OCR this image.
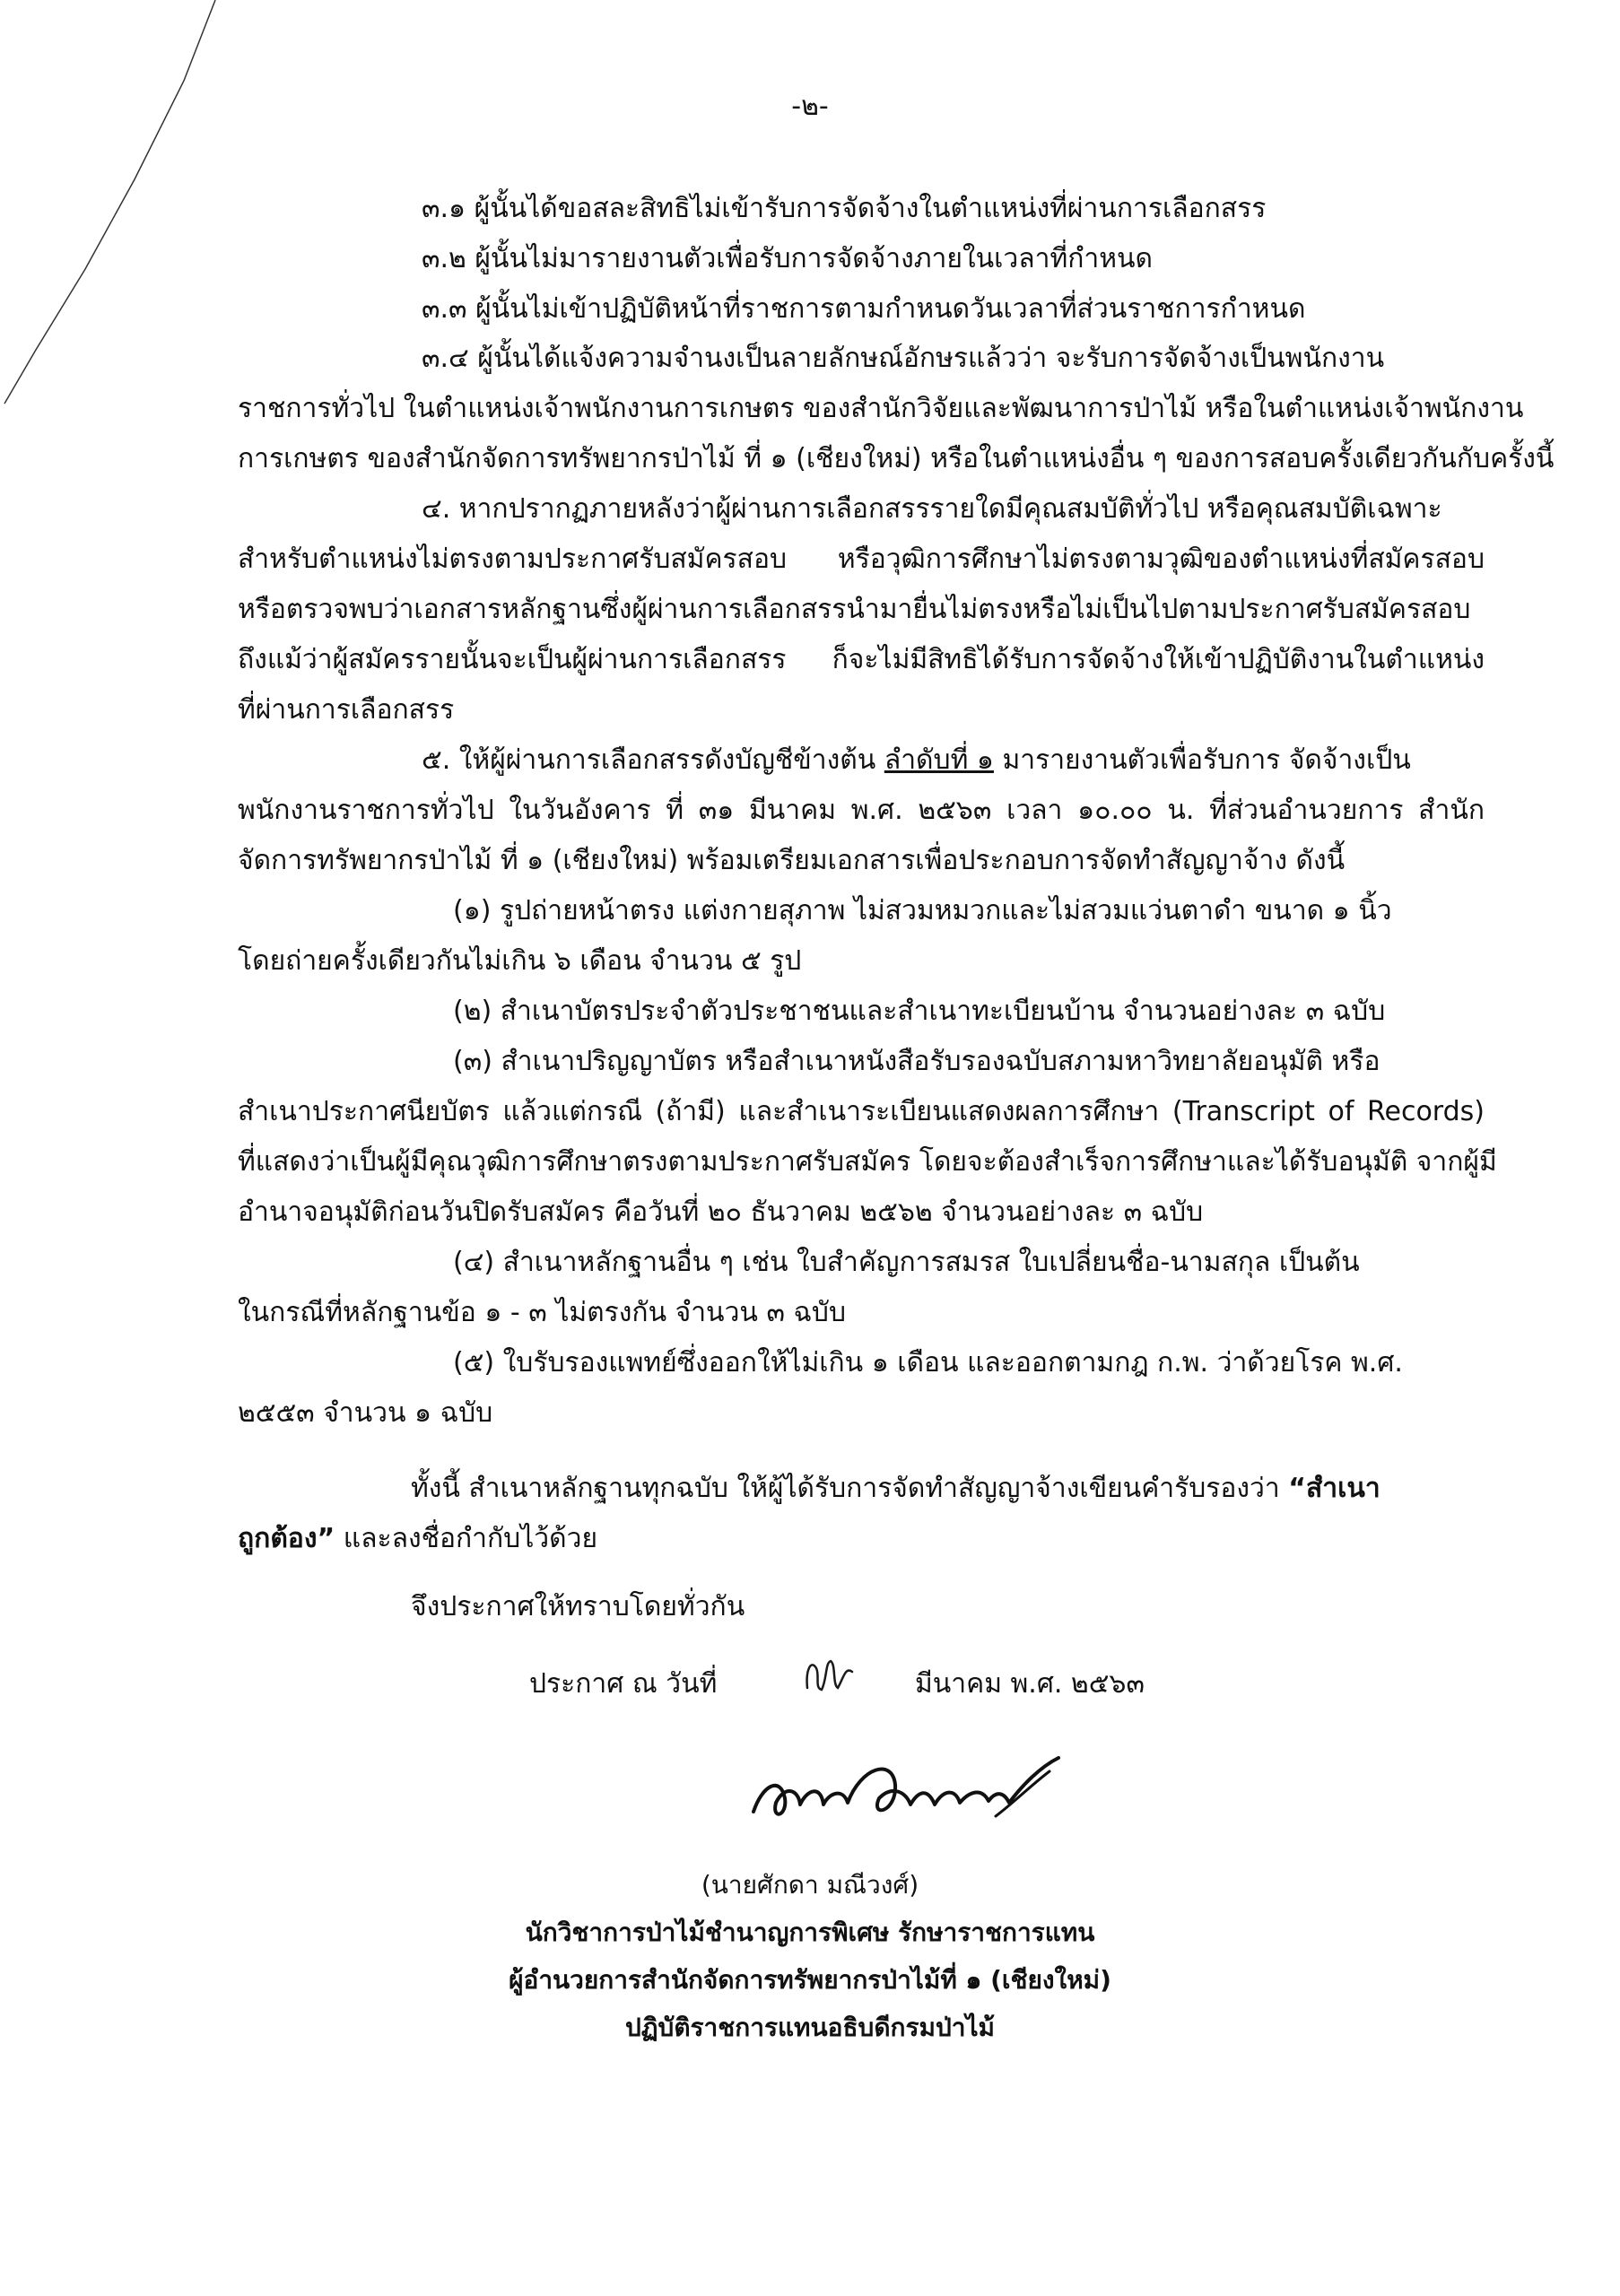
-๒-
๓.๑ ผู้นั้นได้ขอสละสิทธิไม่เข้ารับการจัดจ้างในตำแหน่งที่ผ่านการเลือกสรร
๓.๒ ผู้นั้นไม่มารายงานตัวเพื่อรับการจัดจ้างภายในเวลาที่กำหนด
๓.๓ ผู้นั้นไม่เข้าปฏิบัติหน้าที่ราชการตามกำหนดวันเวลาที่ส่วนราชการกำหนด
๓.๔ ผู้นั้นได้แจ้งความจำนงเป็นลายลักษณ์อักษรแล้วว่า จะรับการจัดจ้างเป็นพนักงาน
ราชการทั่วไป ในตำแหน่งเจ้าพนักงานการเกษตร ของสำนักวิจัยและพัฒนาการป่าไม้ หรือในตำแหน่งเจ้าพนักงาน
การเกษตร ของสำนักจัดการทรัพยากรป่าไม้ ที่ ๑ (เชียงใหม่) หรือในตำแหน่งอื่น ๆ ของการสอบครั้งเดียวกันกับครั้งนี้
๔. หากปรากฏภายหลังว่าผู้ผ่านการเลือกสรรรายใดมีคุณสมบัติทั่วไป หรือคุณสมบัติเฉพาะ
สำหรับตำแหน่งไม่ตรงตามประกาศรับสมัครสอบ หรือวุฒิการศึกษาไม่ตรงตามวุฒิของตำแหน่งที่สมัครสอบ
หรือตรวจพบว่าเอกสารหลักฐานซึ่งผู้ผ่านการเลือกสรรนำมายื่นไม่ตรงหรือไม่เป็นไปตามประกาศรับสมัครสอบ
ถึงแม้ว่าผู้สมัครรายนั้นจะเป็นผู้ผ่านการเลือกสรร ก็จะไม่มีสิทธิได้รับการจัดจ้างให้เข้าปฏิบัติงานในตำแหน่ง
ที่ผ่านการเลือกสรร
๕. ให้ผู้ผ่านการเลือกสรรดังบัญชีข้างต้น ลำดับที่ ๑ มารายงานตัวเพื่อรับการ จัดจ้างเป็น
พนักงานราชการทั่วไป ในวันอังคาร ที่ ๓๑ มีนาคม พ.ศ. ๒๕๖๓ เวลา ๑๐.๐๐ น. ที่ส่วนอำนวยการ สำนัก
จัดการทรัพยากรป่าไม้ ที่ ๑ (เชียงใหม่) พร้อมเตรียมเอกสารเพื่อประกอบการจัดทำสัญญาจ้าง ดังนี้
(๑) รูปถ่ายหน้าตรง แต่งกายสุภาพ ไม่สวมหมวกและไม่สวมแว่นตาดำ ขนาด ๑ นิ้ว
โดยถ่ายครั้งเดียวกันไม่เกิน ๖ เดือน จำนวน ๕ รูป
(๒) สำเนาบัตรประจำตัวประชาชนและสำเนาทะเบียนบ้าน จำนวนอย่างละ ๓ ฉบับ
(๓) สำเนาปริญญาบัตร หรือสำเนาหนังสือรับรองฉบับสภามหาวิทยาลัยอนุมัติ หรือ
สำเนาประกาศนียบัตร แล้วแต่กรณี (ถ้ามี) และสำเนาระเบียนแสดงผลการศึกษา (Transcript of Records)
ที่แสดงว่าเป็นผู้มีคุณวุฒิการศึกษาตรงตามประกาศรับสมัคร โดยจะต้องสำเร็จการศึกษาและได้รับอนุมัติ จากผู้มี
อำนาจอนุมัติก่อนวันปิดรับสมัคร คือวันที่ ๒๐ ธันวาคม ๒๕๖๒ จำนวนอย่างละ ๓ ฉบับ
(๔) สำเนาหลักฐานอื่น ๆ เช่น ใบสำคัญการสมรส ใบเปลี่ยนชื่อ-นามสกุล เป็นต้น
ในกรณีที่หลักฐานข้อ ๑ - ๓ ไม่ตรงกัน จำนวน ๓ ฉบับ
(๕) ใบรับรองแพทย์ซึ่งออกให้ไม่เกิน ๑ เดือน และออกตามกฎ ก.พ. ว่าด้วยโรค พ.ศ.
๒๕๕๓ จำนวน ๑ ฉบับ
ทั้งนี้ สำเนาหลักฐานทุกฉบับ ให้ผู้ได้รับการจัดทำสัญญาจ้างเขียนคำรับรองว่า “สำเนา
ถูกต้อง” และลงชื่อกำกับไว้ด้วย
จึงประกาศให้ทราบโดยทั่วกัน
ประกาศ ณ วันที่	มีนาคม พ.ศ. ๒๕๖๓
(นายศักดา มณีวงศ์)
นักวิชาการป่าไม้ชำนาญการพิเศษ รักษาราชการแทน
ผู้อำนวยการสำนักจัดการทรัพยากรป่าไม้ที่ ๑ (เชียงใหม่)
ปฏิบัติราชการแทนอธิบดีกรมป่าไม้
